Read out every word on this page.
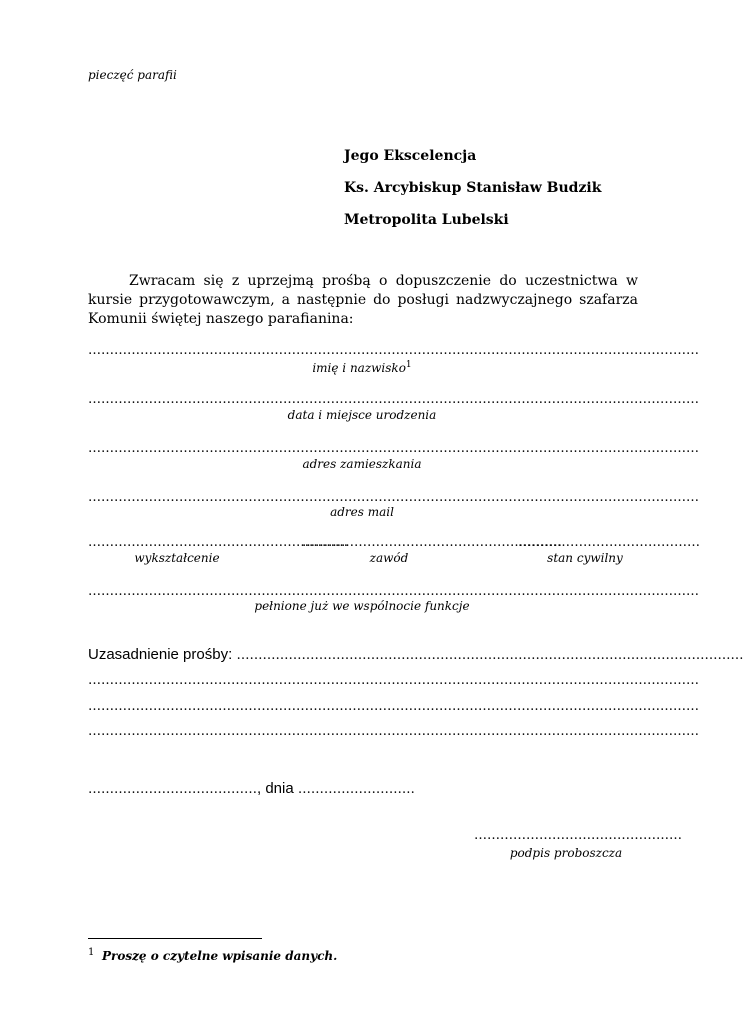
pieczęć parafii
Jego Ekscelencja
Ks. Arcybiskup Stanisław Budzik
Metropolita Lubelski
Zwracam się z uprzejmą prośbą o dopuszczenie do uczestnictwa w kursie przygotowawczym, a następnie do posługi nadzwyczajnego szafarza Komunii świętej naszego parafianina:
……………………………………………………………………………………………………………………………
imię i nazwisko$^1$
……………………………………………………………………………………………………………………………
data i miejsce urodzenia
……………………………………………………………………………………………………………………………
adres zamieszkania
……………………………………………………………………………………………………………………………
adres mail
……………………………………………………
……………………………………………………
……………………………………
wykształcenie	zawód	stan cywilny
……………………………………………………………………………………………………………………………
pełnione już we wspólnocie funkcje
Uzasadnienie prośby: ………………………………………………………………………………………………………
……………………………………………………………………………………………………………………………
……………………………………………………………………………………………………………………………
……………………………………………………………………………………………………………………………
…………………………………, dnia ………………………
…………………………………………
podpis proboszcza
$^1$ Proszę o czytelne wpisanie danych.
